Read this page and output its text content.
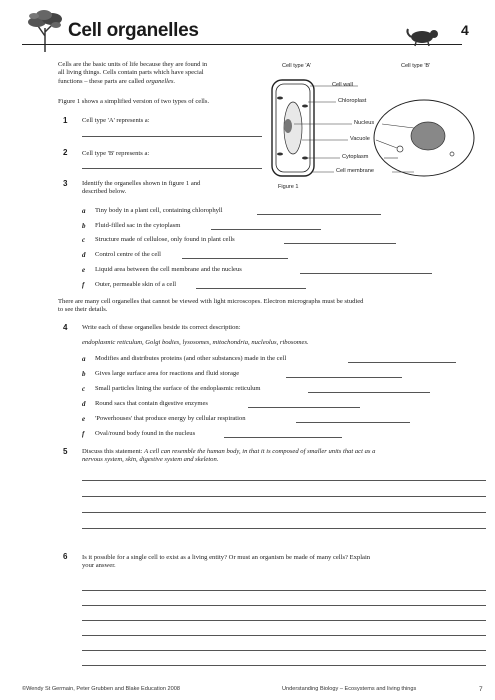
Cell organelles	4
Cells are the basic units of life because they are found in
all living things. Cells contain parts which have special
functions – these parts are called organelles.
Figure 1 shows a simplified version of two types of cells.
Cell type 'A'	Cell type 'B'
Cell wall
Chloroplast
Nucleus
Vacuole
Cytoplasm
Cell membrane
Figure 1
1 Cell type 'A' represents a:
2 Cell type 'B' represents a:
3 Identify the organelles shown in figure 1 and
described below.
a Tiny body in a plant cell, containing chlorophyll
b Fluid-filled sac in the cytoplasm
c Structure made of cellulose, only found in plant cells
d Control centre of the cell
e Liquid area between the cell membrane and the nucleus
f Outer, permeable skin of a cell
There are many cell organelles that cannot be viewed with light microscopes. Electron micrographs must be studied
to see their details.
4 Write each of these organelles beside its correct description:
endoplasmic reticulum, Golgi bodies, lysosomes, mitochondria, nucleolus, ribosomes.
a Modifies and distributes proteins (and other substances) made in the cell
b Gives large surface area for reactions and fluid storage
c Small particles lining the surface of the endoplasmic reticulum
d Round sacs that contain digestive enzymes
e 'Powerhouses' that produce energy by cellular respiration
f Oval/round body found in the nucleus
5 Discuss this statement: A cell can resemble the human body, in that it is composed of smaller units that act as a
nervous system, skin, digestive system and skeleton.
6 Is it possible for a single cell to exist as a living entity? Or must an organism be made of many cells? Explain
your answer.
©Wendy St Germain, Peter Grubben and Blake Education 2008	Understanding Biology – Ecosystems and living things	7
